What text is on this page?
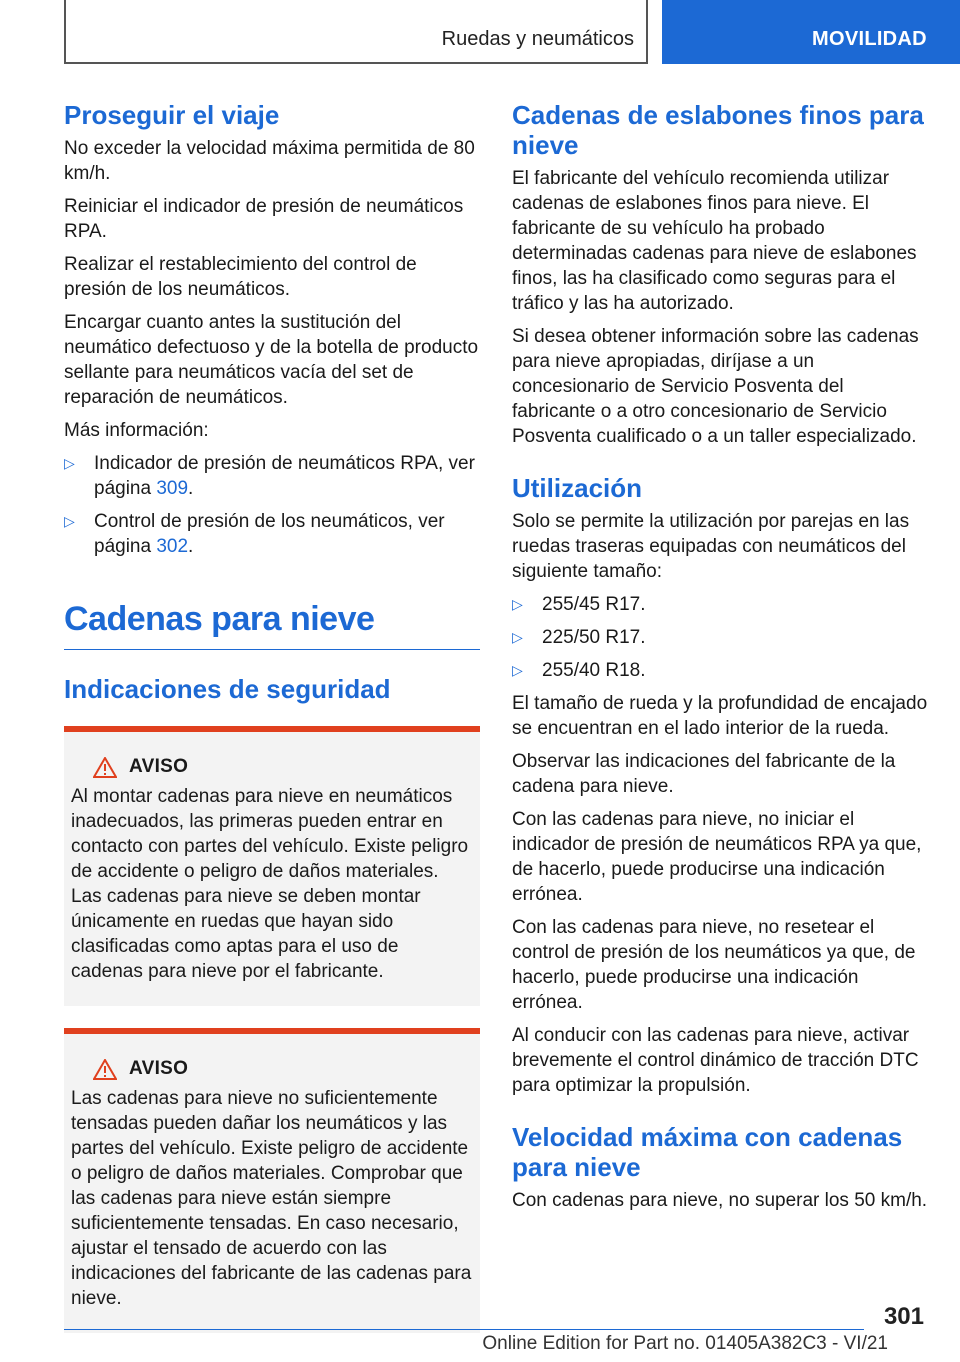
Ruedas y neumáticos	MOVILIDAD
Proseguir el viaje

No exceder la velocidad máxima permitida de 80 km/h.

Reiniciar el indicador de presión de neumáticos RPA.

Realizar el restablecimiento del control de presión de los neumáticos.

Encargar cuanto antes la sustitución del neumático defectuoso y de la botella de producto sellante para neumáticos vacía del set de reparación de neumáticos.

Más información:

▷ Indicador de presión de neumáticos RPA, ver página 309.
▷ Control de presión de los neumáticos, ver página 302.
Cadenas para nieve
Indicaciones de seguridad
AVISO

Al montar cadenas para nieve en neumáticos inadecuados, las primeras pueden entrar en contacto con partes del vehículo. Existe peligro de accidente o peligro de daños materiales. Las cadenas para nieve se deben montar únicamente en ruedas que hayan sido clasificadas como aptas para el uso de cadenas para nieve por el fabricante.

AVISO

Las cadenas para nieve no suficientemente tensadas pueden dañar los neumáticos y las partes del vehículo. Existe peligro de accidente o peligro de daños materiales. Comprobar que las cadenas para nieve están siempre suficientemente tensadas. En caso necesario, ajustar el tensado de acuerdo con las indicaciones del fabricante de las cadenas para nieve.

Cadenas de eslabones finos para nieve

El fabricante del vehículo recomienda utilizar cadenas de eslabones finos para nieve. El fabricante de su vehículo ha probado determinadas cadenas para nieve de eslabones finos, las ha clasificado como seguras para el tráfico y las ha autorizado.

Si desea obtener información sobre las cadenas para nieve apropiadas, diríjase a un concesionario de Servicio Posventa del fabricante o a otro concesionario de Servicio Posventa cualificado o a un taller especializado.

Utilización

Solo se permite la utilización por parejas en las ruedas traseras equipadas con neumáticos del siguiente tamaño:

▷ 255/45 R17.
▷ 225/50 R17.
▷ 255/40 R18.

El tamaño de rueda y la profundidad de encajado se encuentran en el lado interior de la rueda.

Observar las indicaciones del fabricante de la cadena para nieve.

Con las cadenas para nieve, no iniciar el indicador de presión de neumáticos RPA ya que, de hacerlo, puede producirse una indicación errónea.

Con las cadenas para nieve, no resetear el control de presión de los neumáticos ya que, de hacerlo, puede producirse una indicación errónea.

Al conducir con las cadenas para nieve, activar brevemente el control dinámico de tracción DTC para optimizar la propulsión.

Velocidad máxima con cadenas para nieve

Con cadenas para nieve, no superar los 50 km/h.

301
Online Edition for Part no. 01405A382C3 - VI/21
